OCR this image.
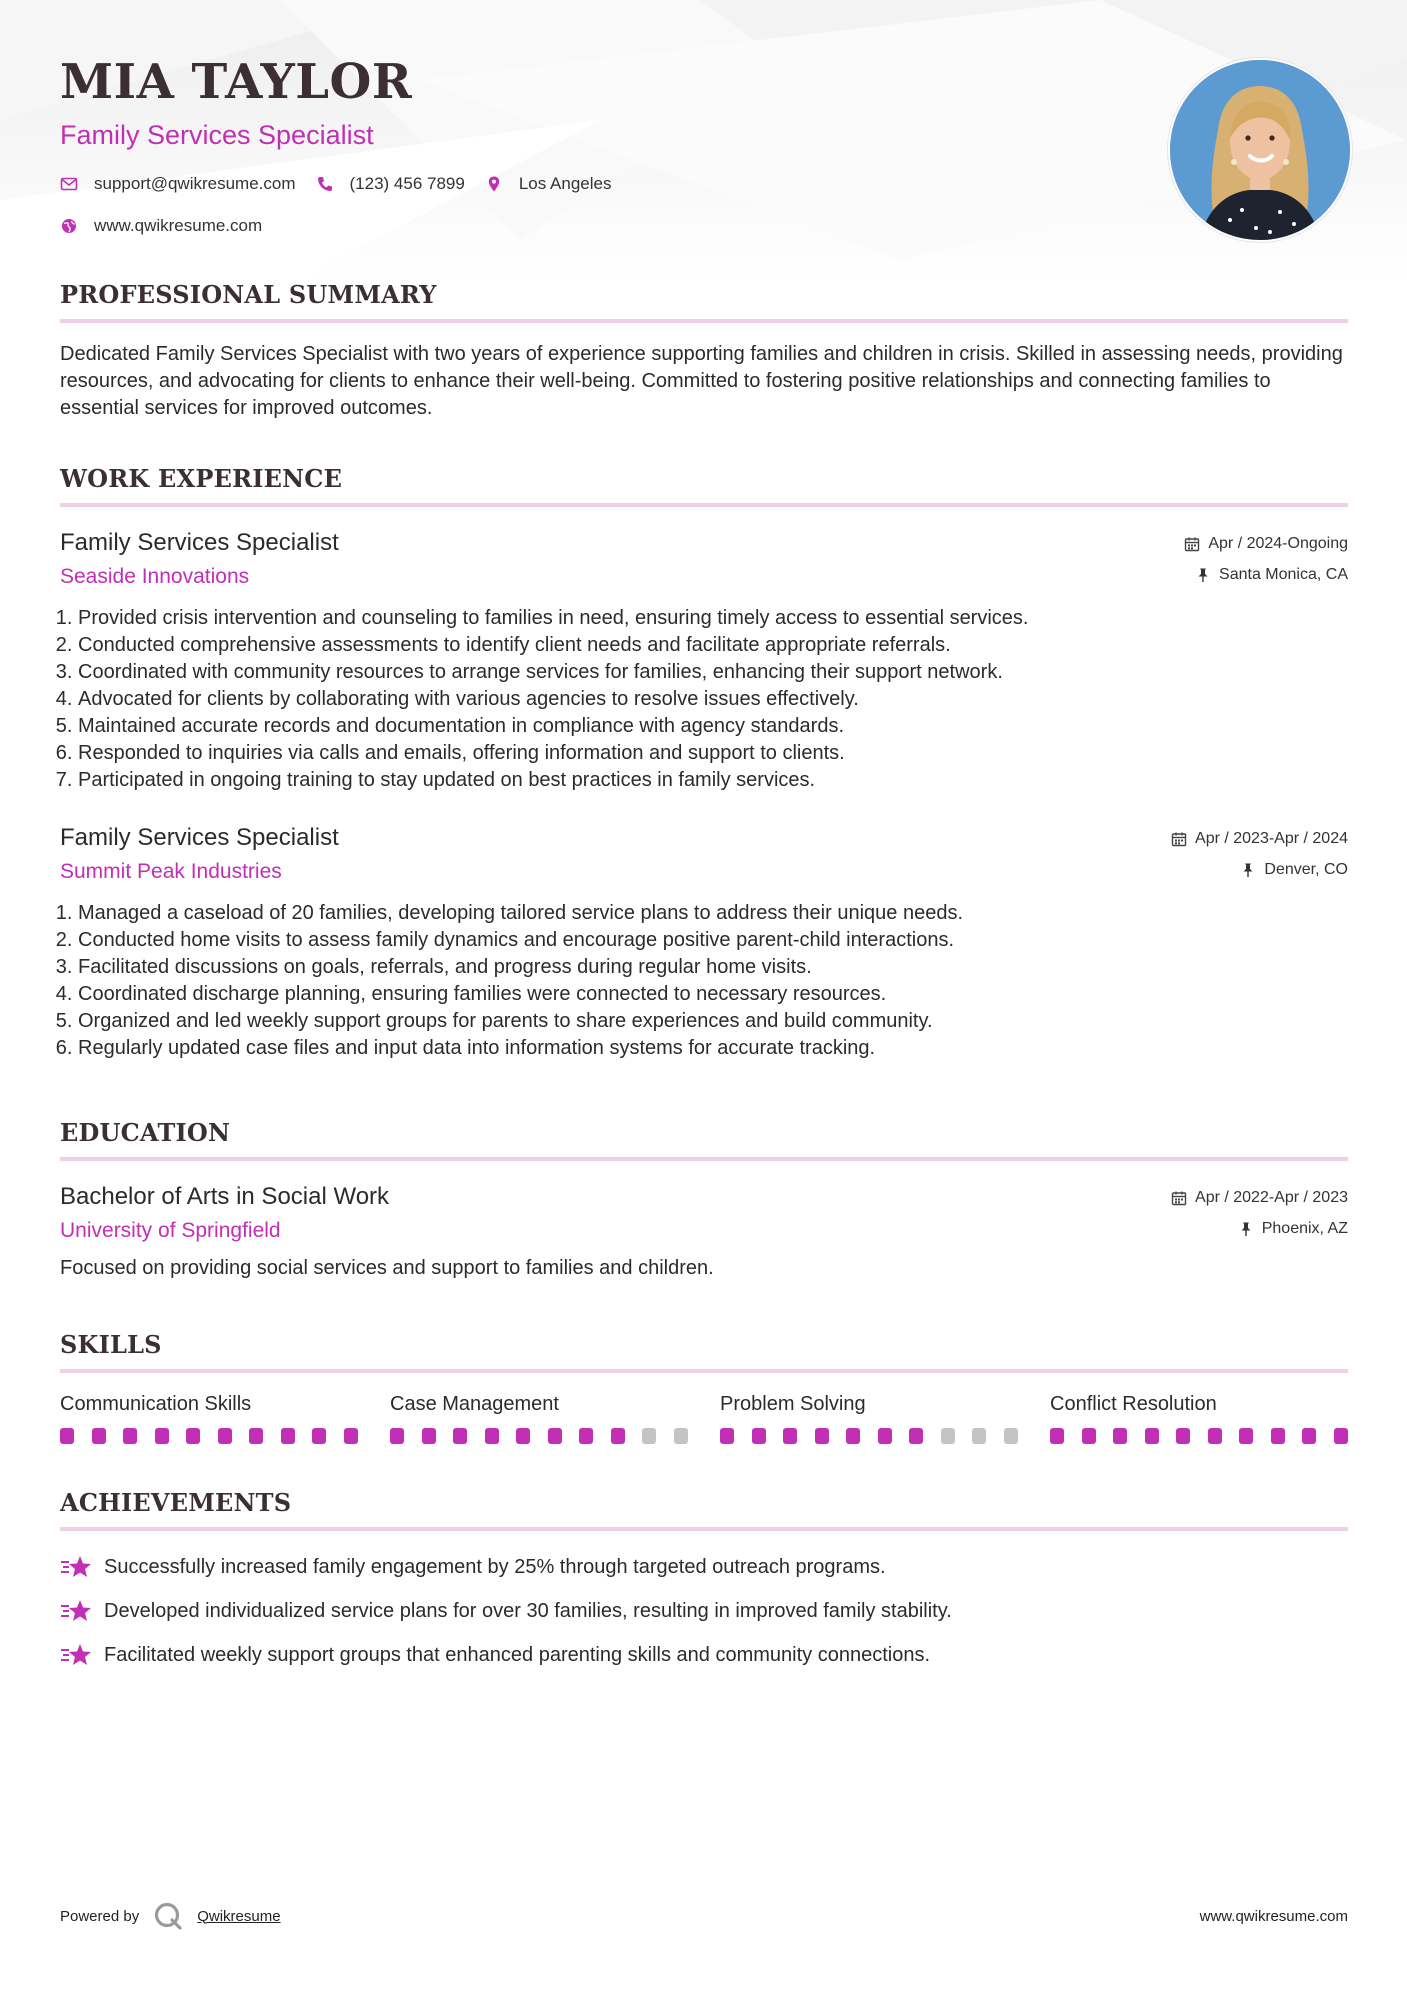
MIA TAYLOR
Family Services Specialist
support@qwikresume.com	(123) 456 7899	Los Angeles
www.qwikresume.com
PROFESSIONAL SUMMARY
Dedicated Family Services Specialist with two years of experience supporting families and children in crisis. Skilled in assessing needs, providing resources, and advocating for clients to enhance their well-being. Committed to fostering positive relationships and connecting families to essential services for improved outcomes.
WORK EXPERIENCE
Family Services Specialist
Seaside Innovations
Apr / 2024-Ongoing
Santa Monica, CA
1. Provided crisis intervention and counseling to families in need, ensuring timely access to essential services.
2. Conducted comprehensive assessments to identify client needs and facilitate appropriate referrals.
3. Coordinated with community resources to arrange services for families, enhancing their support network.
4. Advocated for clients by collaborating with various agencies to resolve issues effectively.
5. Maintained accurate records and documentation in compliance with agency standards.
6. Responded to inquiries via calls and emails, offering information and support to clients.
7. Participated in ongoing training to stay updated on best practices in family services.
Family Services Specialist
Summit Peak Industries
Apr / 2023-Apr / 2024
Denver, CO
1. Managed a caseload of 20 families, developing tailored service plans to address their unique needs.
2. Conducted home visits to assess family dynamics and encourage positive parent-child interactions.
3. Facilitated discussions on goals, referrals, and progress during regular home visits.
4. Coordinated discharge planning, ensuring families were connected to necessary resources.
5. Organized and led weekly support groups for parents to share experiences and build community.
6. Regularly updated case files and input data into information systems for accurate tracking.
EDUCATION
Bachelor of Arts in Social Work
University of Springfield
Apr / 2022-Apr / 2023
Phoenix, AZ
Focused on providing social services and support to families and children.
SKILLS
Communication Skills	Case Management	Problem Solving	Conflict Resolution
ACHIEVEMENTS
Successfully increased family engagement by 25% through targeted outreach programs.
Developed individualized service plans for over 30 families, resulting in improved family stability.
Facilitated weekly support groups that enhanced parenting skills and community connections.
Powered by	Qwikresume	www.qwikresume.com
